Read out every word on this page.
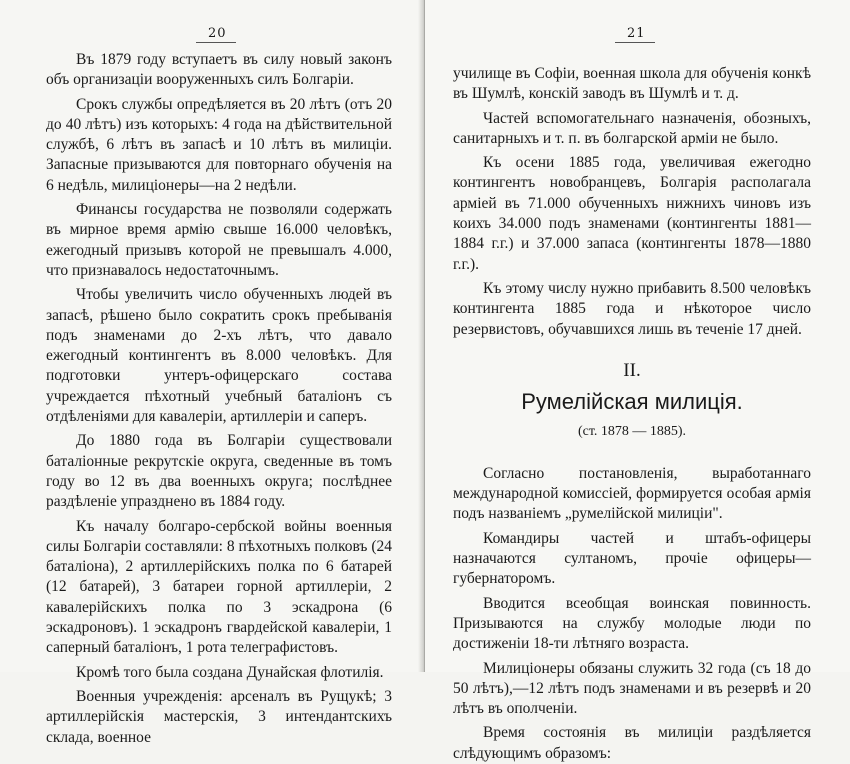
20

Въ 1879 году вступаетъ въ силу новый законъ объ организацiи вооруженныхъ силъ Болгарiи.

Срокъ службы опредѣляется въ 20 лѣтъ (отъ 20 до 40 лѣтъ) изъ которыхъ: 4 года на дѣйствительной службѣ, 6 лѣтъ въ запасѣ и 10 лѣтъ въ милицiи. Запасные призываются для повторнаго обученiя на 6 недѣль, милицiонеры—на 2 недѣли.

Финансы государства не позволяли содержать въ мирное время армiю свыше 16.000 человѣкъ, ежегодный призывъ которой не превышалъ 4.000, что признавалось недостаточнымъ.

Чтобы увеличить число обученныхъ людей въ запасѣ, рѣшено было сократить срокъ пребыванiя подъ знаменами до 2-хъ лѣтъ, что давало ежегодный контингентъ въ 8.000 человѣкъ. Для подготовки унтеръ-офицерскаго состава учреждается пѣхотный учебный баталiонъ съ отдѣленiями для кавалерiи, артиллерiи и саперъ.

До 1880 года въ Болгарiи существовали баталiонные рекрутскiе округа, сведенные въ томъ году во 12 въ два военныхъ округа; послѣднее раздѣленiе упразднено въ 1884 году.

Къ началу болгаро-сербской войны военныя силы Болгарiи составляли: 8 пѣхотныхъ полковъ (24 баталiона), 2 артиллерiйскихъ полка по 6 батарей (12 батарей), 3 батареи горной артиллерiи, 2 кавалерiйскихъ полка по 3 эскадрона (6 эскадроновъ). 1 эскадронъ гвардейской кавалерiи, 1 саперный баталiонъ, 1 рота телеграфистовъ.

Кромѣ того была создана Дунайская флотилiя.

Военныя учрежденiя: арсеналъ въ Рущукѣ; 3 артиллерiйскiя мастерскiя, 3 интендантскихъ склада, военное

21

училище въ Софiи, военная школа для обученiя конкѣ въ Шумлѣ, конскiй заводъ въ Шумлѣ и т. д.

Частей вспомогательнаго назначенiя, обозныхъ, санитарныхъ и т. п. въ болгарской армiи не было.

Къ осени 1885 года, увеличивая ежегодно контингентъ новобранцевъ, Болгарiя располагала армiей въ 71.000 обученныхъ нижнихъ чиновъ изъ коихъ 34.000 подъ знаменами (контингенты 1881—1884 г.г.) и 37.000 запаса (контингенты 1878—1880 г.г.).

Къ этому числу нужно прибавить 8.500 человѣкъ контингента 1885 года и нѣкоторое число резервистовъ, обучавшихся лишь въ теченiе 17 дней.

II.
Румелiйская милицiя.
(ст. 1878 — 1885).

Согласно постановленiя, выработаннаго международной комиссiей, формируется особая армiя подъ названiемъ „румелiйской милицiи".

Командиры частей и штабъ-офицеры назначаются султаномъ, прочiе офицеры—губернаторомъ.

Вводится всеобщая воинская повинность. Призываются на службу молодые люди по достиженiи 18-ти лѣтняго возраста.

Милицiонеры обязаны служить 32 года (съ 18 до 50 лѣтъ),—12 лѣтъ подъ знаменами и въ резервѣ и 20 лѣтъ въ ополченiи.

Время состоянiя въ милицiи раздѣляется слѣдующимъ образомъ:
